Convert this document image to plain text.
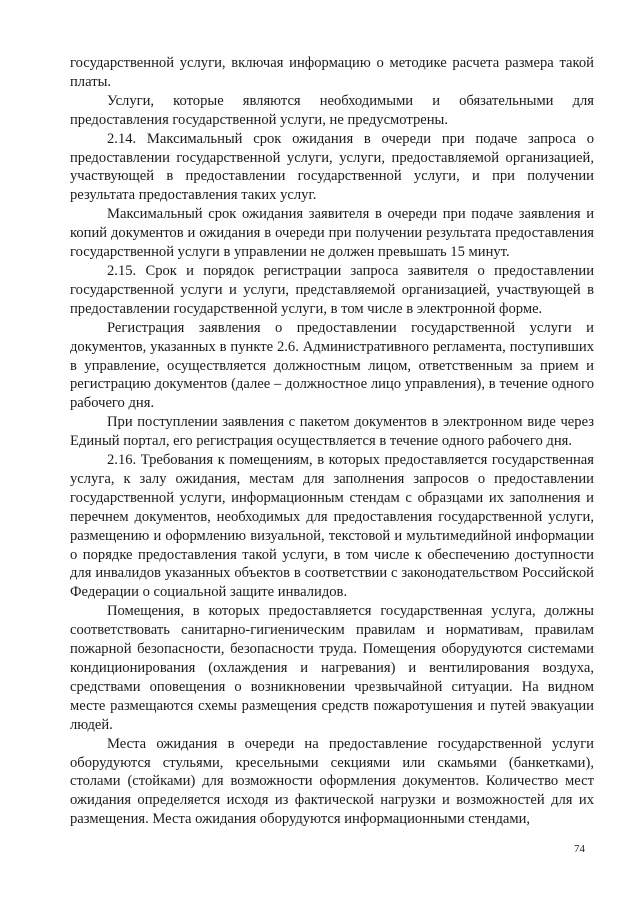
государственной услуги, включая информацию о методике расчета размера такой платы.

Услуги, которые являются необходимыми и обязательными для предоставления государственной услуги, не предусмотрены.

2.14. Максимальный срок ожидания в очереди при подаче запроса о предоставлении государственной услуги, услуги, предоставляемой организацией, участвующей в предоставлении государственной услуги, и при получении результата предоставления таких услуг.

Максимальный срок ожидания заявителя в очереди при подаче заявления и копий документов и ожидания в очереди при получении результата предоставления государственной услуги в управлении не должен превышать 15 минут.

2.15. Срок и порядок регистрации запроса заявителя о предоставлении государственной услуги и услуги, представляемой организацией, участвующей в предоставлении государственной услуги, в том числе в электронной форме.

Регистрация заявления о предоставлении государственной услуги и документов, указанных в пункте 2.6. Административного регламента, поступивших в управление, осуществляется должностным лицом, ответственным за прием и регистрацию документов (далее – должностное лицо управления), в течение одного рабочего дня.

При поступлении заявления с пакетом документов в электронном виде через Единый портал, его регистрация осуществляется в течение одного рабочего дня.

2.16. Требования к помещениям, в которых предоставляется государственная услуга, к залу ожидания, местам для заполнения запросов о предоставлении государственной услуги, информационным стендам с образцами их заполнения и перечнем документов, необходимых для предоставления государственной услуги, размещению и оформлению визуальной, текстовой и мультимедийной информации о порядке предоставления такой услуги, в том числе к обеспечению доступности для инвалидов указанных объектов в соответствии с законодательством Российской Федерации о социальной защите инвалидов.

Помещения, в которых предоставляется государственная услуга, должны соответствовать санитарно-гигиеническим правилам и нормативам, правилам пожарной безопасности, безопасности труда. Помещения оборудуются системами кондиционирования (охлаждения и нагревания) и вентилирования воздуха, средствами оповещения о возникновении чрезвычайной ситуации. На видном месте размещаются схемы размещения средств пожаротушения и путей эвакуации людей.

Места ожидания в очереди на предоставление государственной услуги оборудуются стульями, кресельными секциями или скамьями (банкетками), столами (стойками) для возможности оформления документов. Количество мест ожидания определяется исходя из фактической нагрузки и возможностей для их размещения. Места ожидания оборудуются информационными стендами,

74
